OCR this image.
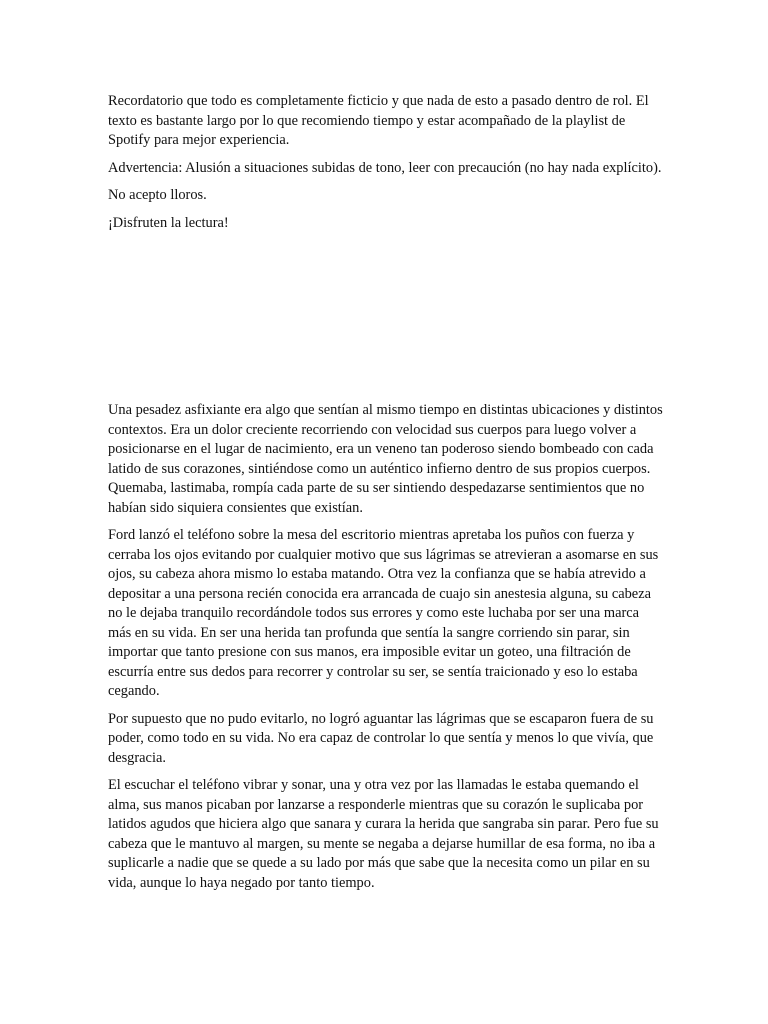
Recordatorio que todo es completamente ficticio y que nada de esto a pasado dentro de rol. El texto es bastante largo por lo que recomiendo tiempo y estar acompañado de la playlist de Spotify para mejor experiencia.

Advertencia: Alusión a situaciones subidas de tono, leer con precaución (no hay nada explícito).

No acepto lloros.

¡Disfruten la lectura!

Una pesadez asfixiante era algo que sentían al mismo tiempo en distintas ubicaciones y distintos contextos. Era un dolor creciente recorriendo con velocidad sus cuerpos para luego volver a posicionarse en el lugar de nacimiento, era un veneno tan poderoso siendo bombeado con cada latido de sus corazones, sintiéndose como un auténtico infierno dentro de sus propios cuerpos. Quemaba, lastimaba, rompía cada parte de su ser sintiendo despedazarse sentimientos que no habían sido siquiera consientes que existían.

Ford lanzó el teléfono sobre la mesa del escritorio mientras apretaba los puños con fuerza y cerraba los ojos evitando por cualquier motivo que sus lágrimas se atrevieran a asomarse en sus ojos, su cabeza ahora mismo lo estaba matando. Otra vez la confianza que se había atrevido a depositar a una persona recién conocida era arrancada de cuajo sin anestesia alguna, su cabeza no le dejaba tranquilo recordándole todos sus errores y como este luchaba por ser una marca más en su vida. En ser una herida tan profunda que sentía la sangre corriendo sin parar, sin importar que tanto presione con sus manos, era imposible evitar un goteo, una filtración de escurría entre sus dedos para recorrer y controlar su ser, se sentía traicionado y eso lo estaba cegando.

Por supuesto que no pudo evitarlo, no logró aguantar las lágrimas que se escaparon fuera de su poder, como todo en su vida. No era capaz de controlar lo que sentía y menos lo que vivía, que desgracia.

El escuchar el teléfono vibrar y sonar, una y otra vez por las llamadas le estaba quemando el alma, sus manos picaban por lanzarse a responderle mientras que su corazón le suplicaba por latidos agudos que hiciera algo que sanara y curara la herida que sangraba sin parar. Pero fue su cabeza que le mantuvo al margen, su mente se negaba a dejarse humillar de esa forma, no iba a suplicarle a nadie que se quede a su lado por más que sabe que la necesita como un pilar en su vida, aunque lo haya negado por tanto tiempo.
